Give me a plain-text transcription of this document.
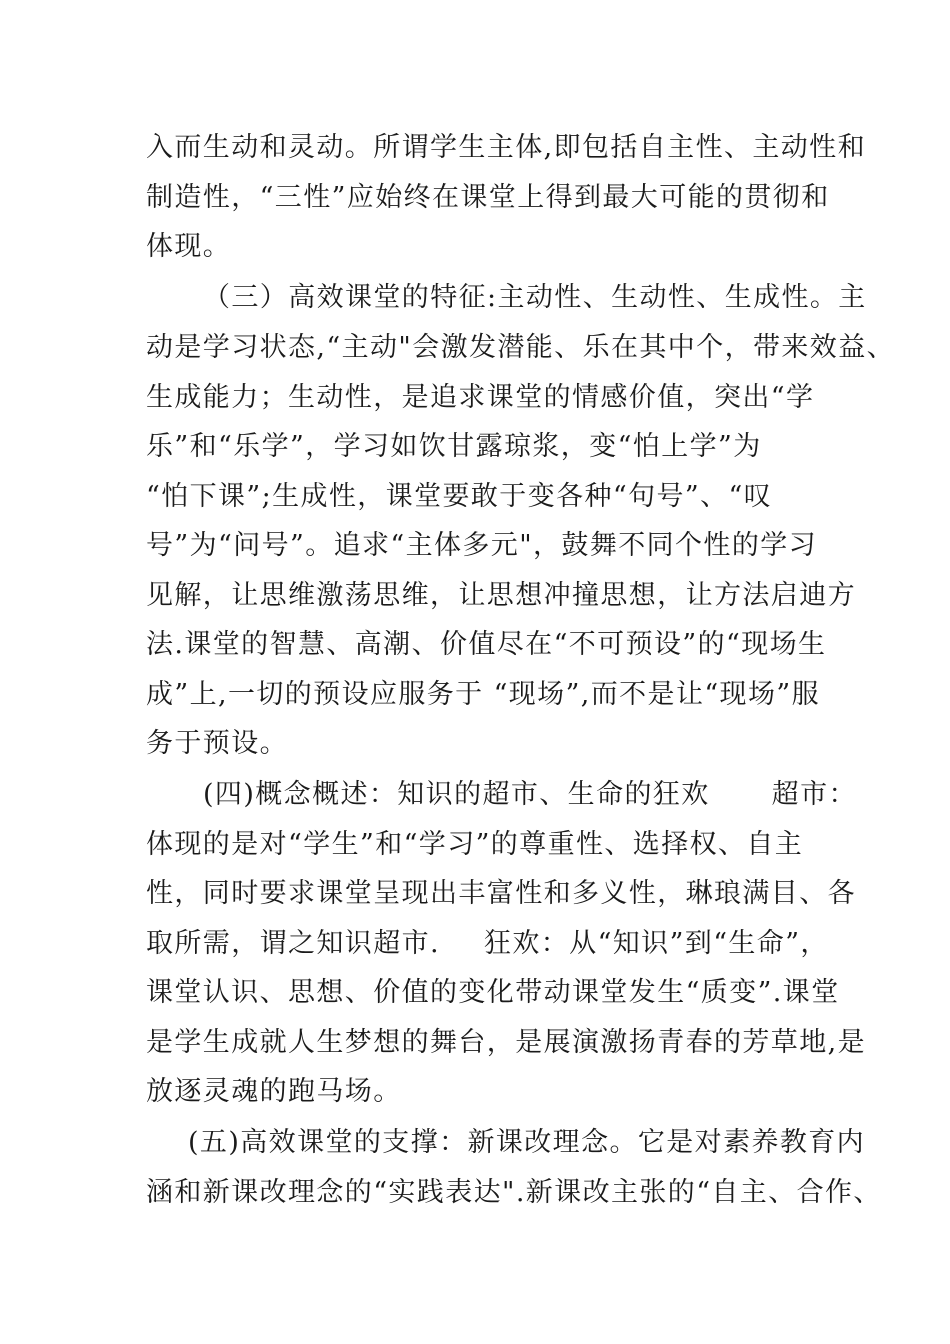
入而生动和灵动。所谓学生主体,即包括自主性、主动性和
制造性，“三性”应始终在课堂上得到最大可能的贯彻和
体现。
（三）高效课堂的特征:主动性、生动性、生成性。主
动是学习状态,“主动"会激发潜能、乐在其中个，带来效益、
生成能力；生动性，是追求课堂的情感价值，突出“学
乐”和“乐学”，学习如饮甘露琼浆，变“怕上学”为
“怕下课”;生成性，课堂要敢于变各种“句号”、“叹
号”为“问号”。追求“主体多元"，鼓舞不同个性的学习
见解，让思维激荡思维，让思想冲撞思想，让方法启迪方
法.课堂的智慧、高潮、价值尽在“不可预设”的“现场生
成”上,一切的预设应服务于 “现场”,而不是让“现场”服
务于预设。
(四)概念概述：知识的超市、生命的狂欢 超市：
体现的是对“学生”和“学习”的尊重性、选择权、自主
性，同时要求课堂呈现出丰富性和多义性，琳琅满目、各
取所需，谓之知识超市. 狂欢：从“知识”到“生命”，
课堂认识、思想、价值的变化带动课堂发生“质变”.课堂
是学生成就人生梦想的舞台，是展演激扬青春的芳草地,是
放逐灵魂的跑马场。
(五)高效课堂的支撑：新课改理念。它是对素养教育内
涵和新课改理念的“实践表达".新课改主张的“自主、合作、
